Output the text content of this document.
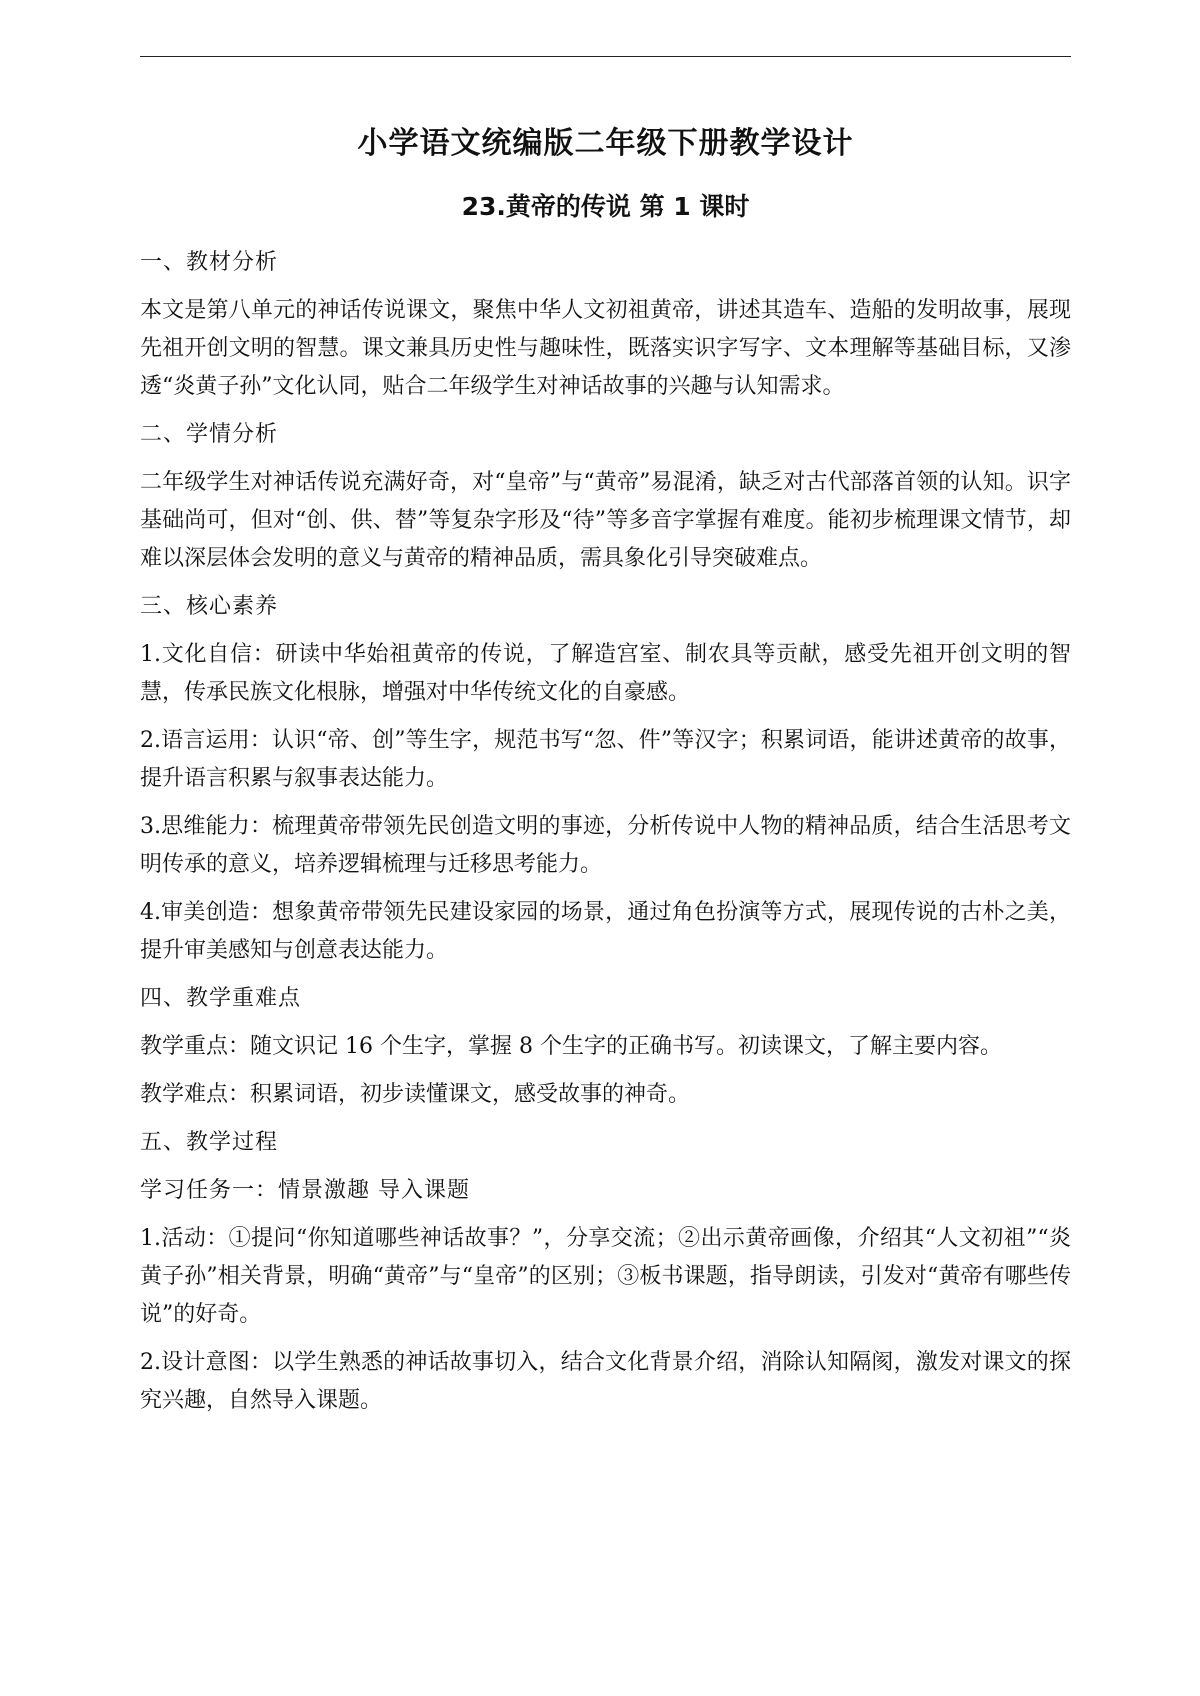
小学语文统编版二年级下册教学设计
23.黄帝的传说 第 1 课时

一、教材分析

本文是第八单元的神话传说课文，聚焦中华人文初祖黄帝，讲述其造车、造船的发明故事，展现先祖开创文明的智慧。课文兼具历史性与趣味性，既落实识字写字、文本理解等基础目标，又渗透“炎黄子孙”文化认同，贴合二年级学生对神话故事的兴趣与认知需求。

二、学情分析

二年级学生对神话传说充满好奇，对“皇帝”与“黄帝”易混淆，缺乏对古代部落首领的认知。识字基础尚可，但对“创、供、替”等复杂字形及“待”等多音字掌握有难度。能初步梳理课文情节，却难以深层体会发明的意义与黄帝的精神品质，需具象化引导突破难点。

三、核心素养

1.文化自信：研读中华始祖黄帝的传说，了解造宫室、制农具等贡献，感受先祖开创文明的智慧，传承民族文化根脉，增强对中华传统文化的自豪感。

2.语言运用：认识“帝、创”等生字，规范书写“忽、件”等汉字；积累词语，能讲述黄帝的故事，提升语言积累与叙事表达能力。

3.思维能力：梳理黄帝带领先民创造文明的事迹，分析传说中人物的精神品质，结合生活思考文明传承的意义，培养逻辑梳理与迁移思考能力。

4.审美创造：想象黄帝带领先民建设家园的场景，通过角色扮演等方式，展现传说的古朴之美，提升审美感知与创意表达能力。

四、教学重难点

教学重点：随文识记 16 个生字，掌握 8 个生字的正确书写。初读课文，了解主要内容。

教学难点：积累词语，初步读懂课文，感受故事的神奇。

五、教学过程

学习任务一：情景激趣 导入课题

1.活动：①提问“你知道哪些神话故事？”，分享交流；②出示黄帝画像，介绍其“人文初祖”“炎黄子孙”相关背景，明确“黄帝”与“皇帝”的区别；③板书课题，指导朗读，引发对“黄帝有哪些传说”的好奇。

2.设计意图：以学生熟悉的神话故事切入，结合文化背景介绍，消除认知隔阂，激发对课文的探究兴趣，自然导入课题。
